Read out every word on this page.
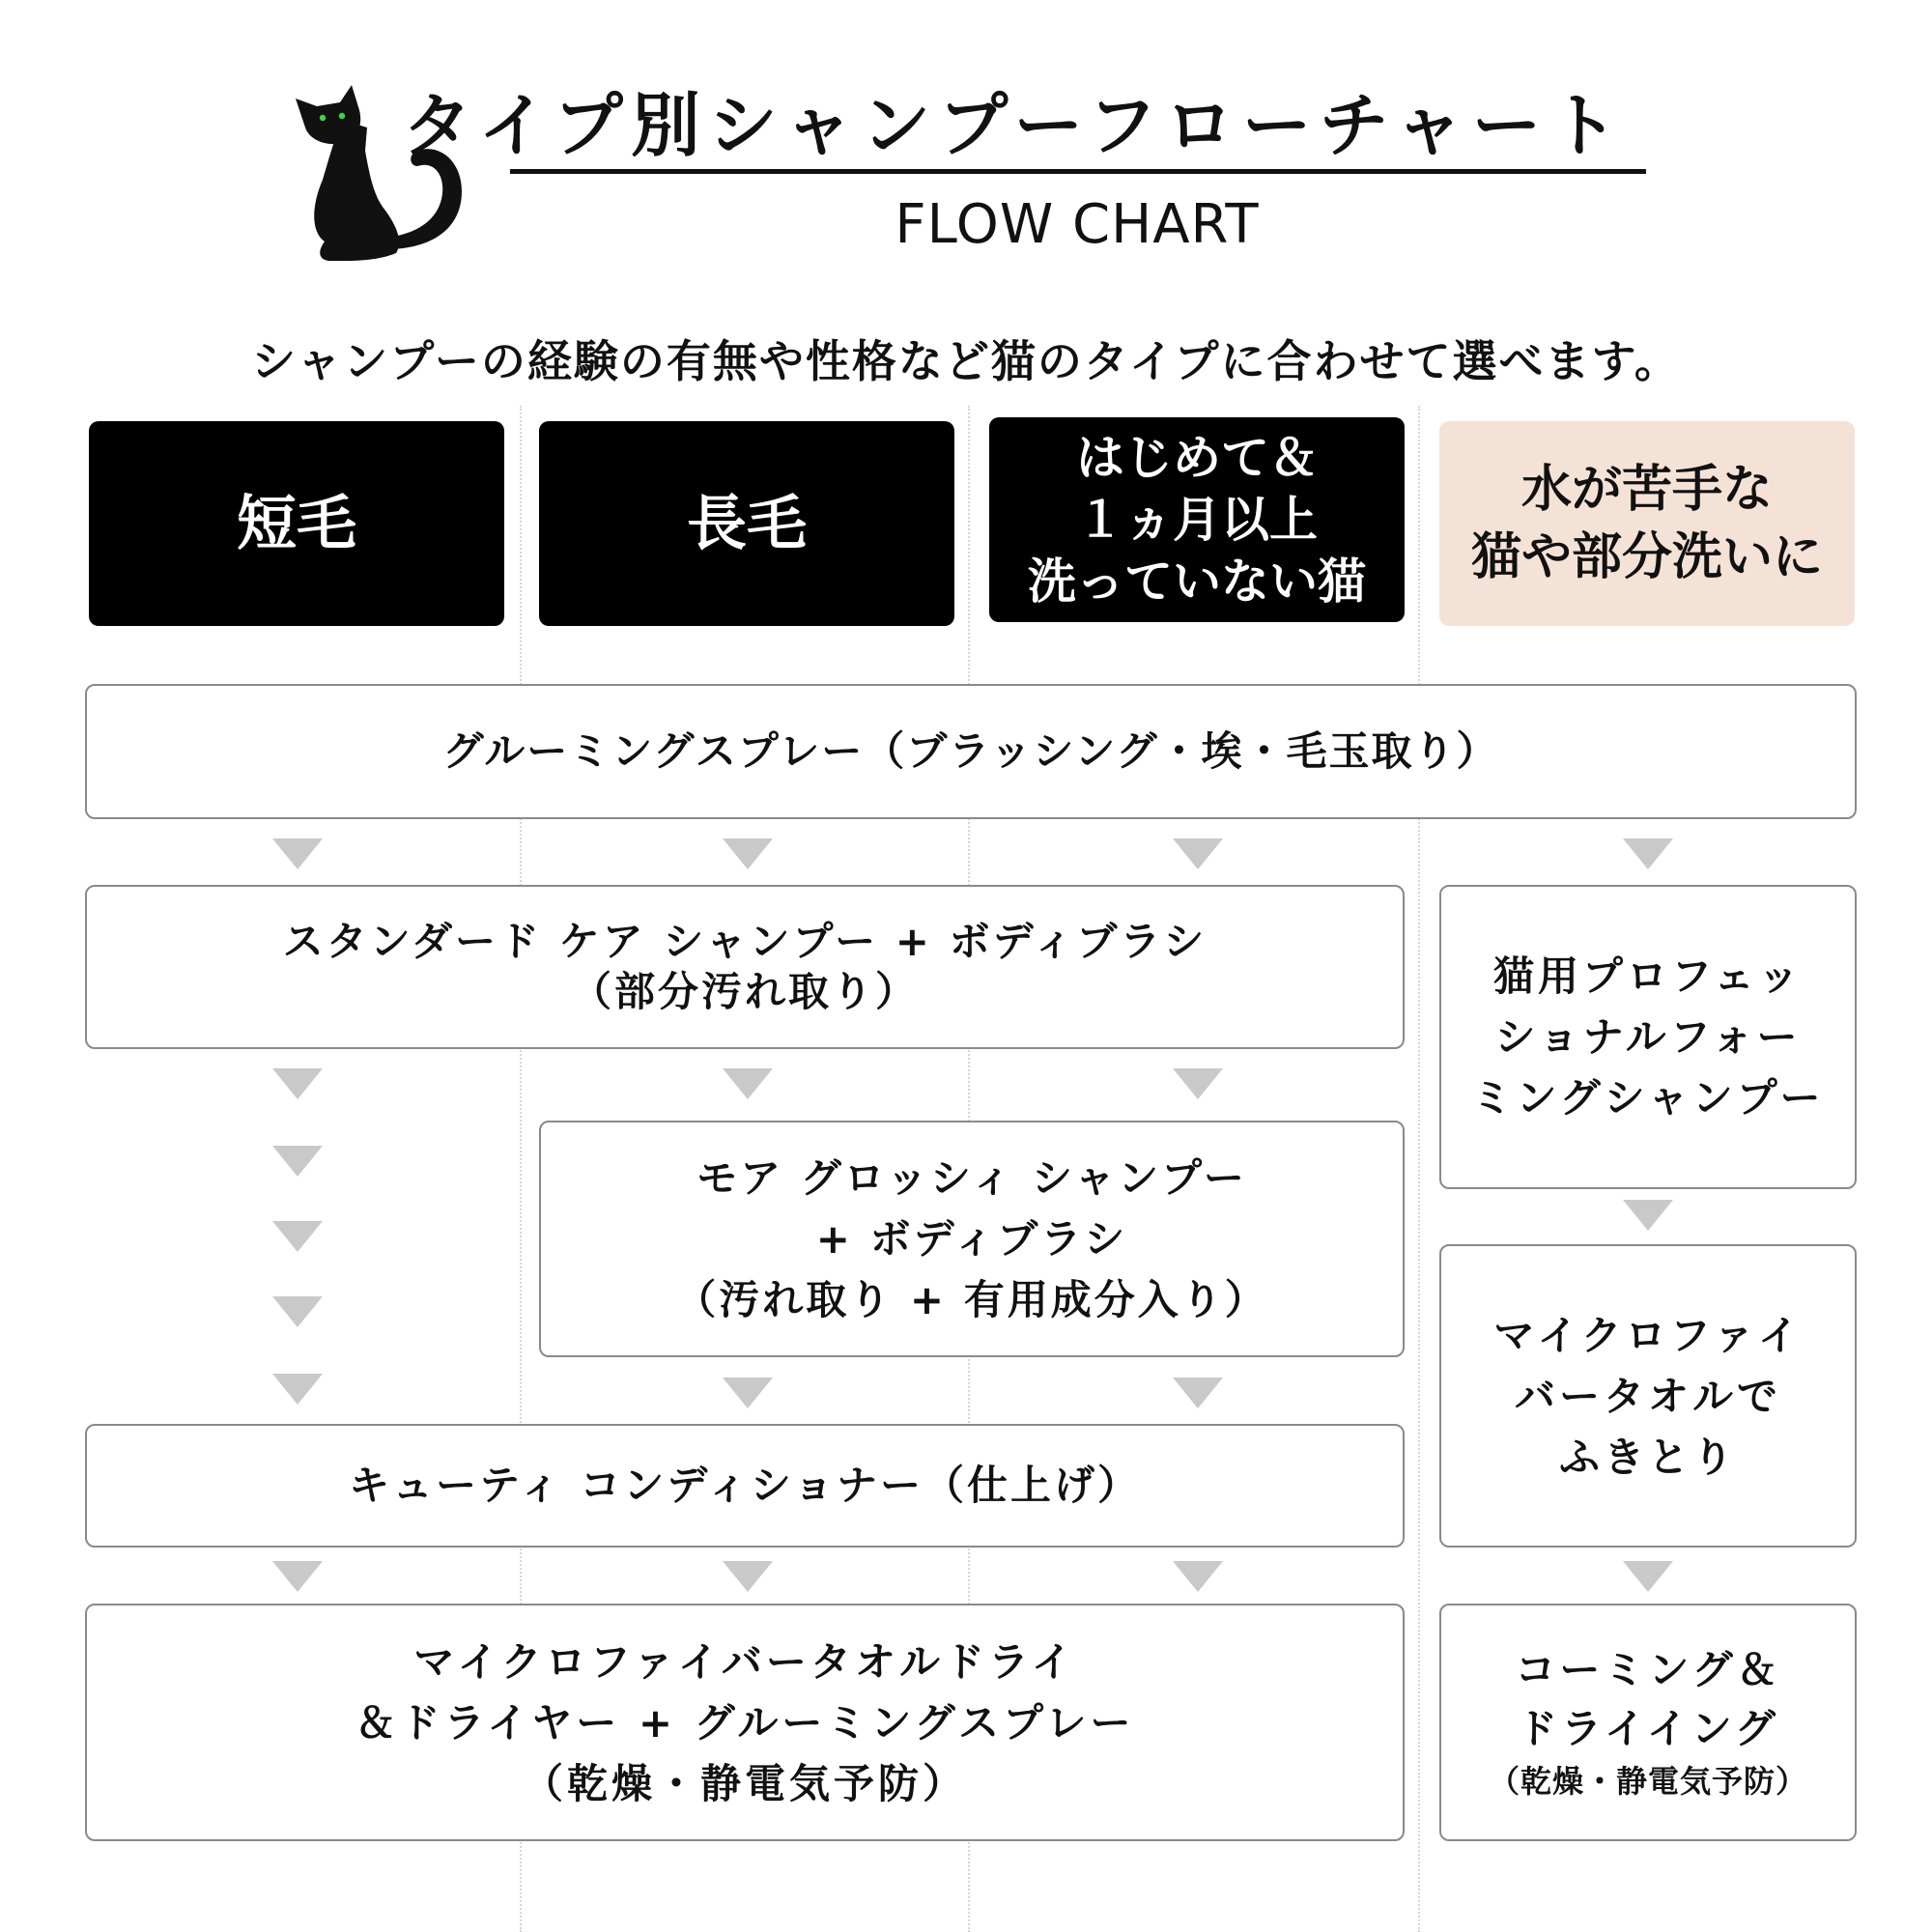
タイプ別シャンプーフローチャート
FLOW CHART
シャンプーの経験の有無や性格など猫のタイプに合わせて選べます。
短毛	長毛
はじめて＆
１ヵ月以上
洗っていない猫
水が苦手な
猫や部分洗いに
グルーミングスプレー（ブラッシング・埃・毛玉取り）
スタンダード ケア シャンプー + ボディブラシ
（部分汚れ取り）	猫用プロフェッ
ショナルフォー
ミングシャンプー
モア グロッシィ シャンプー
+ ボディブラシ
（汚れ取り + 有用成分入り）
マイクロファイ
バータオルで
ふきとり
キューティ コンディショナー（仕上げ）
マイクロファイバータオルドライ
＆ドライヤー + グルーミングスプレー
（乾燥・静電気予防）
コーミング＆
ドライイング
（乾燥・静電気予防）
